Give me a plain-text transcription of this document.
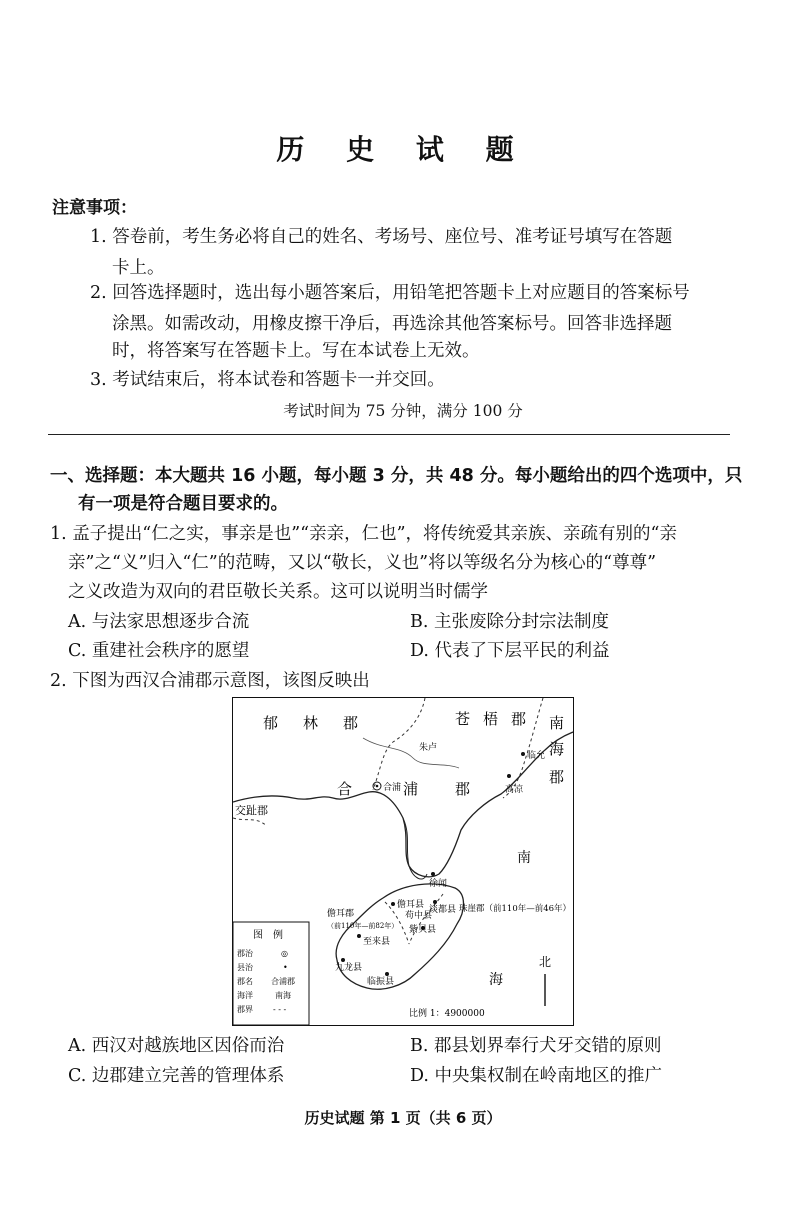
历 史 试 题
注意事项：
1. 答卷前，考生务必将自己的姓名、考场号、座位号、准考证号填写在答题
卡上。
2. 回答选择题时，选出每小题答案后，用铅笔把答题卡上对应题目的答案标号
涂黑。如需改动，用橡皮擦干净后，再选涂其他答案标号。回答非选择题
时，将答案写在答题卡上。写在本试卷上无效。
3. 考试结束后，将本试卷和答题卡一并交回。
考试时间为 75 分钟，满分 100 分
一、选择题：本大题共 16 小题，每小题 3 分，共 48 分。每小题给出的四个选项中，只
有一项是符合题目要求的。
1. 孟子提出“仁之实，事亲是也”“亲亲，仁也”，将传统爱其亲族、亲疏有别的“亲
亲”之“义”归入“仁”的范畴，又以“敬长，义也”将以等级名分为核心的“尊尊”
之义改造为双向的君臣敬长关系。这可以说明当时儒学
A. 与法家思想逐步合流	B. 主张废除分封宗法制度
C. 重建社会秩序的愿望	D. 代表了下层平民的利益
2. 下图为西汉合浦郡示意图，该图反映出
郁 林 郡	苍 梧 郡 南
海
郡
朱卢
临允
高凉
合	合浦 浦 郡
交趾郡
南
海
徐闻
儋耳县 谈都县 珠崖郡（前110年—前46年）
儋耳郡
（前110年—前82年）
苟中县
紫贝县
至来县
九龙县
临振县
北
比例 1：4900000
图　例
郡治	◎
县治	•
郡名 合浦郡
海洋	南海
郡界	- - -
A. 西汉对越族地区因俗而治	B. 郡县划界奉行犬牙交错的原则
C. 边郡建立完善的管理体系	D. 中央集权制在岭南地区的推广
历史试题 第 1 页（共 6 页）
